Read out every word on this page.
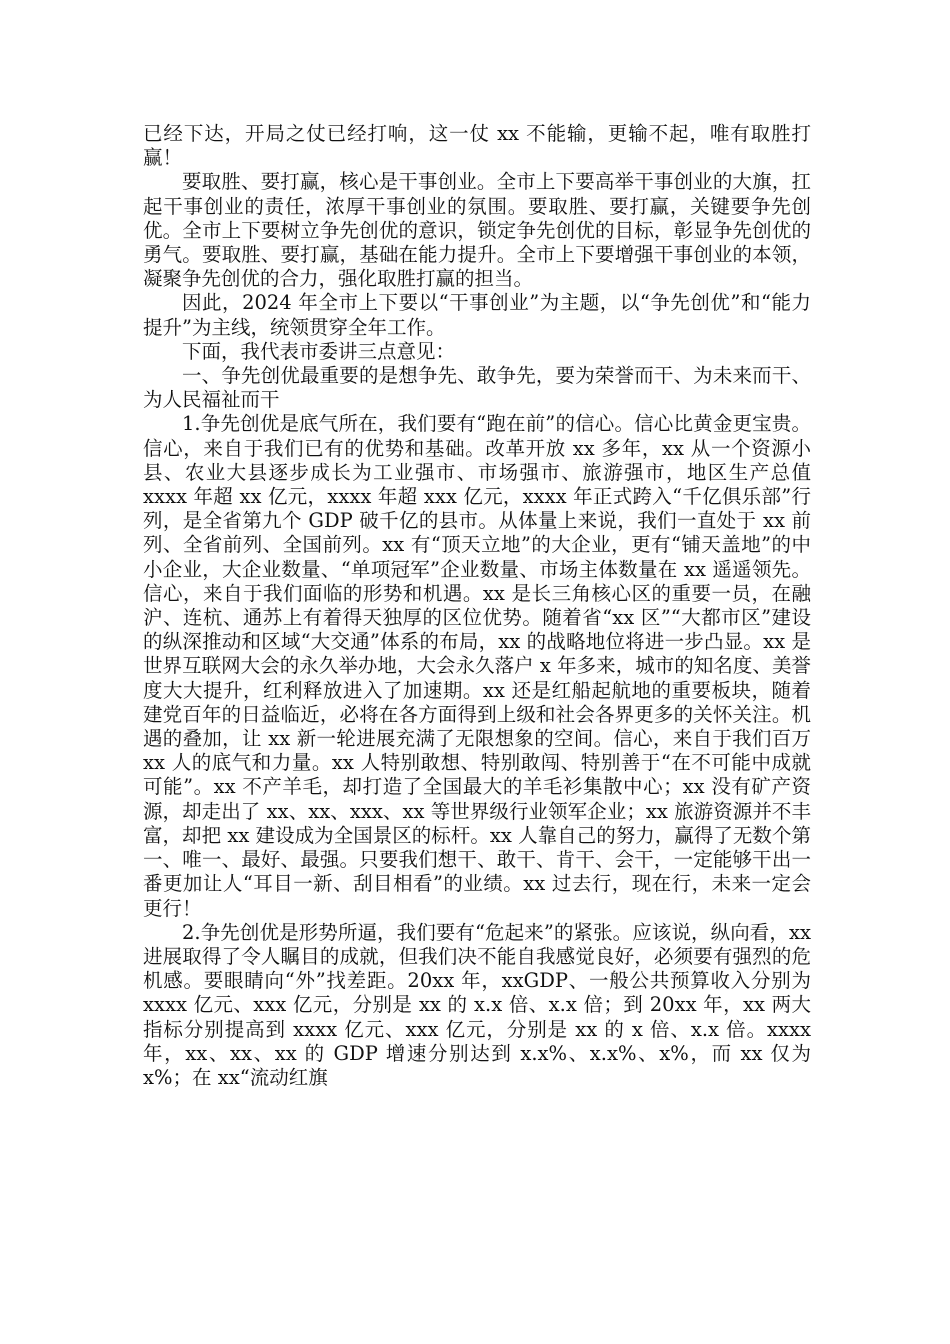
已经下达，开局之仗已经打响，这一仗 xx 不能输，更输不起，唯有取胜打赢！

要取胜、要打赢，核心是干事创业。全市上下要高举干事创业的大旗，扛起干事创业的责任，浓厚干事创业的氛围。要取胜、要打赢，关键要争先创优。全市上下要树立争先创优的意识，锁定争先创优的目标，彰显争先创优的勇气。要取胜、要打赢，基础在能力提升。全市上下要增强干事创业的本领，凝聚争先创优的合力，强化取胜打赢的担当。

因此，2024 年全市上下要以“干事创业”为主题，以“争先创优”和“能力提升”为主线，统领贯穿全年工作。

下面，我代表市委讲三点意见：

一、争先创优最重要的是想争先、敢争先，要为荣誉而干、为未来而干、为人民福祉而干

1.争先创优是底气所在，我们要有“跑在前”的信心。信心比黄金更宝贵。信心，来自于我们已有的优势和基础。改革开放 xx 多年，xx 从一个资源小县、农业大县逐步成长为工业强市、市场强市、旅游强市，地区生产总值 xxxx 年超 xx 亿元，xxxx 年超 xxx 亿元，xxxx 年正式跨入“千亿俱乐部”行列，是全省第九个 GDP 破千亿的县市。从体量上来说，我们一直处于 xx 前列、全省前列、全国前列。xx 有“顶天立地”的大企业，更有“铺天盖地”的中小企业，大企业数量、“单项冠军”企业数量、市场主体数量在 xx 遥遥领先。信心，来自于我们面临的形势和机遇。xx 是长三角核心区的重要一员，在融沪、连杭、通苏上有着得天独厚的区位优势。随着省“xx 区”“大都市区”建设的纵深推动和区域“大交通”体系的布局，xx 的战略地位将进一步凸显。xx 是世界互联网大会的永久举办地，大会永久落户 x 年多来，城市的知名度、美誉度大大提升，红利释放进入了加速期。xx 还是红船起航地的重要板块，随着建党百年的日益临近，必将在各方面得到上级和社会各界更多的关怀关注。机遇的叠加，让 xx 新一轮进展充满了无限想象的空间。信心，来自于我们百万 xx 人的底气和力量。xx 人特别敢想、特别敢闯、特别善于“在不可能中成就可能”。xx 不产羊毛，却打造了全国最大的羊毛衫集散中心；xx 没有矿产资源，却走出了 xx、xx、xxx、xx 等世界级行业领军企业；xx 旅游资源并不丰富，却把 xx 建设成为全国景区的标杆。xx 人靠自己的努力，赢得了无数个第一、唯一、最好、最强。只要我们想干、敢干、肯干、会干，一定能够干出一番更加让人“耳目一新、刮目相看”的业绩。xx 过去行，现在行，未来一定会更行！

2.争先创优是形势所逼，我们要有“危起来”的紧张。应该说，纵向看，xx 进展取得了令人瞩目的成就，但我们决不能自我感觉良好，必须要有强烈的危机感。要眼睛向“外”找差距。20xx 年，xxGDP、一般公共预算收入分别为 xxxx 亿元、xxx 亿元，分别是 xx 的 x.x 倍、x.x 倍；到 20xx 年，xx 两大指标分别提高到 xxxx 亿元、xxx 亿元，分别是 xx 的 x 倍、x.x 倍。xxxx 年，xx、xx、xx 的 GDP 增速分别达到 x.x%、x.x%、x%，而 xx 仅为 x%；在 xx“流动红旗
